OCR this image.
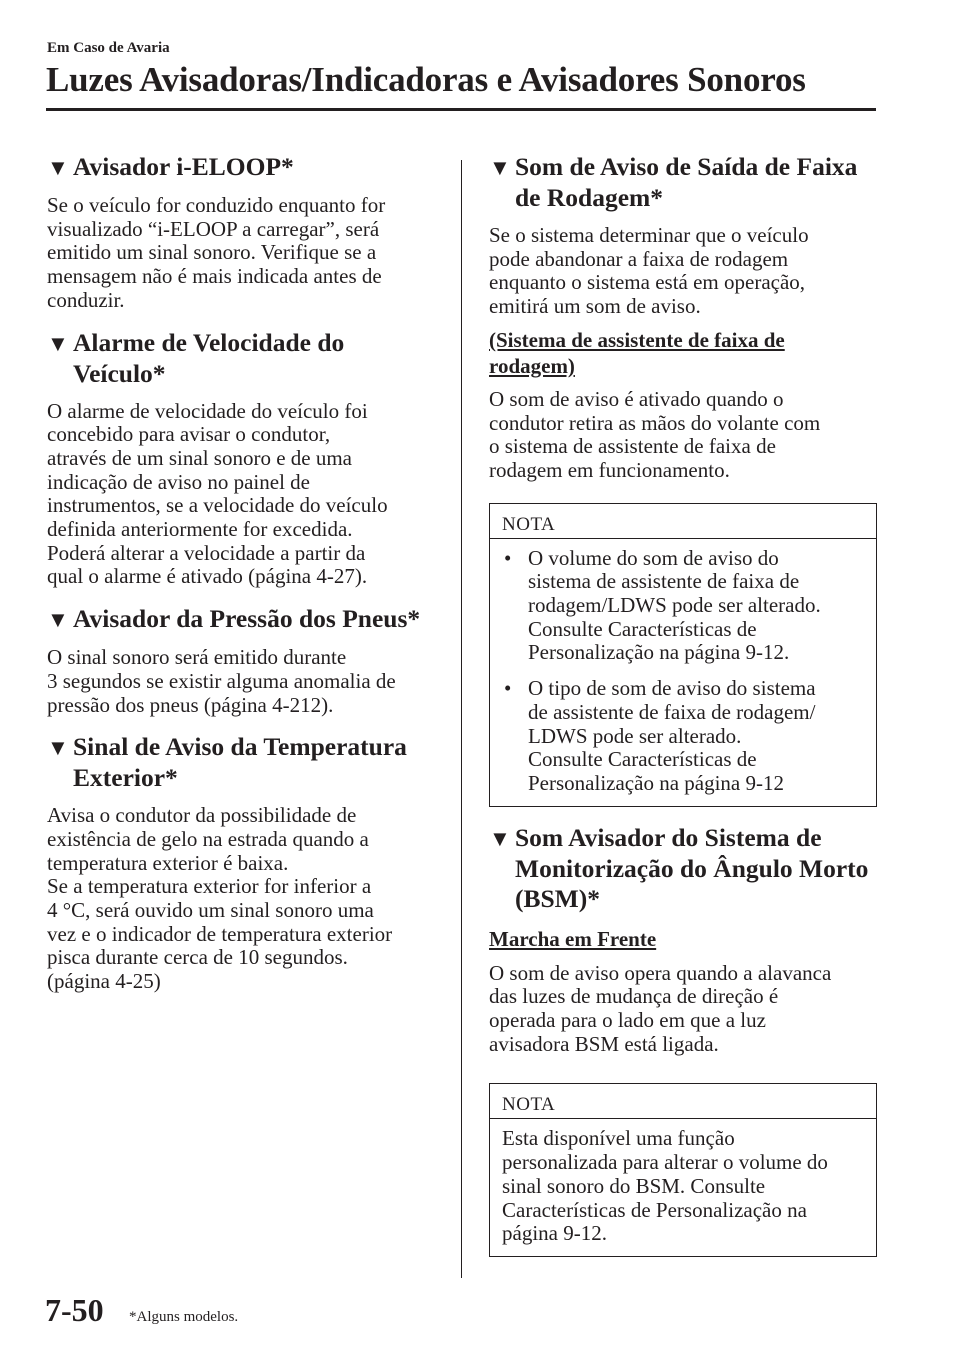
Em Caso de Avaria
Luzes Avisadoras/Indicadoras e Avisadores Sonoros
▼ Avisador i-ELOOP*

Se o veículo for conduzido enquanto for
visualizado “i-ELOOP a carregar”, será
emitido um sinal sonoro. Verifique se a
mensagem não é mais indicada antes de
conduzir.

▼ Alarme de Velocidade do Veículo*

O alarme de velocidade do veículo foi
concebido para avisar o condutor,
através de um sinal sonoro e de uma
indicação de aviso no painel de
instrumentos, se a velocidade do veículo
definida anteriormente for excedida.
Poderá alterar a velocidade a partir da
qual o alarme é ativado (página 4-27).

▼ Avisador da Pressão dos Pneus*

O sinal sonoro será emitido durante
3 segundos se existir alguma anomalia de
pressão dos pneus (página 4-212).

▼ Sinal de Aviso da Temperatura Exterior*

Avisa o condutor da possibilidade de
existência de gelo na estrada quando a
temperatura exterior é baixa.
Se a temperatura exterior for inferior a
4 °C, será ouvido um sinal sonoro uma
vez e o indicador de temperatura exterior
pisca durante cerca de 10 segundos.
(página 4-25)

▼ Som de Aviso de Saída de Faixa de Rodagem*

Se o sistema determinar que o veículo
pode abandonar a faixa de rodagem
enquanto o sistema está em operação,
emitirá um som de aviso.

(Sistema de assistente de faixa de
rodagem)

O som de aviso é ativado quando o
condutor retira as mãos do volante com
o sistema de assistente de faixa de
rodagem em funcionamento.

NOTA
• O volume do som de aviso do
sistema de assistente de faixa de
rodagem/LDWS pode ser alterado.
Consulte Características de
Personalização na página 9-12.
• O tipo de som de aviso do sistema
de assistente de faixa de rodagem/
LDWS pode ser alterado.
Consulte Características de
Personalização na página 9-12
▼ Som Avisador do Sistema de Monitorização do Ângulo Morto (BSM)*
Marcha em Frente

O som de aviso opera quando a alavanca
das luzes de mudança de direção é
operada para o lado em que a luz
avisadora BSM está ligada.

NOTA

Esta disponível uma função
personalizada para alterar o volume do
sinal sonoro do BSM. Consulte
Características de Personalização na
página 9-12.

7-50 *Alguns modelos.
